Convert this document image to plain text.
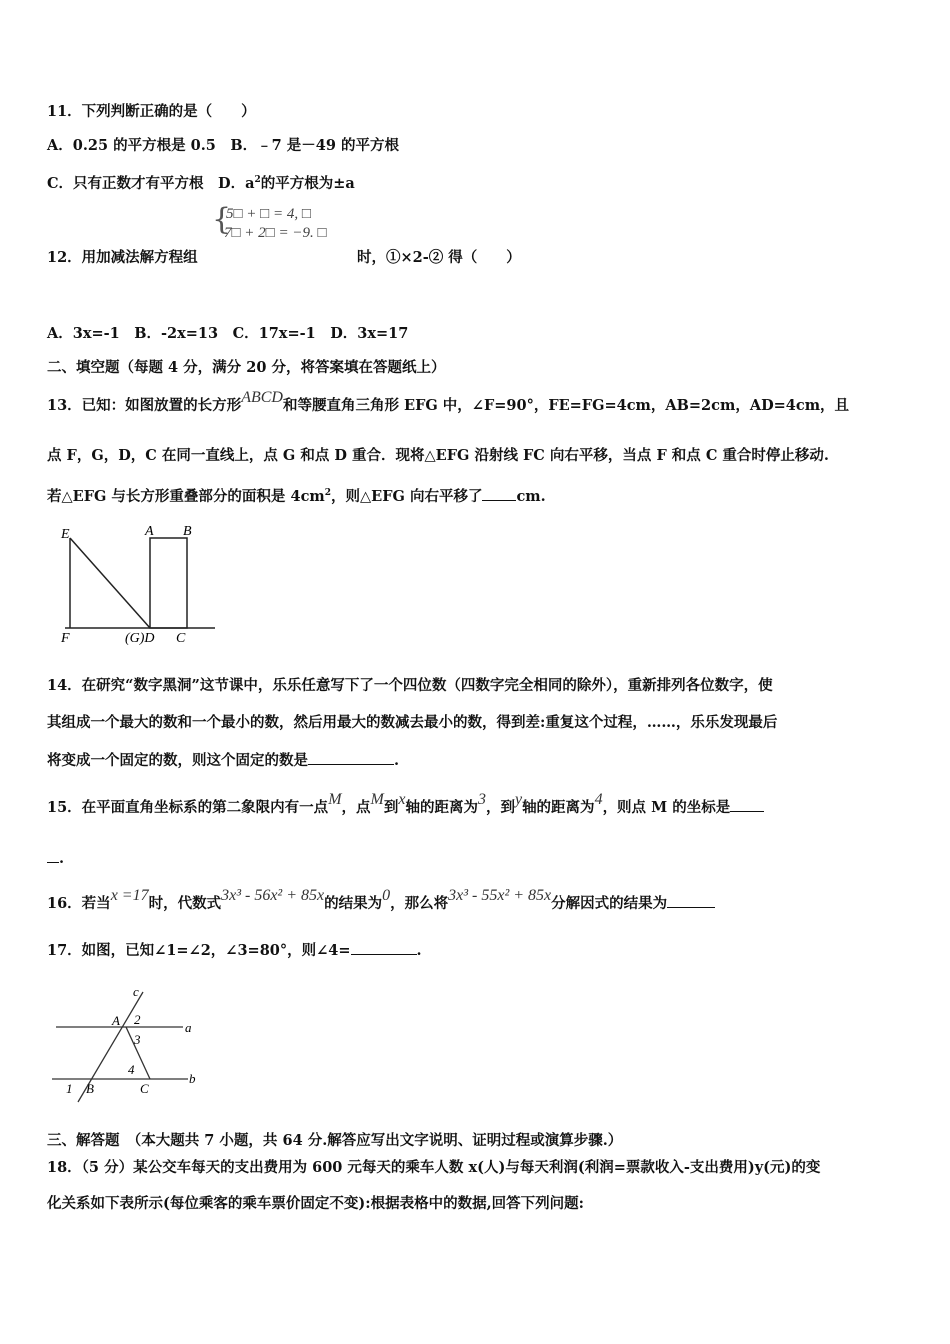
11．下列判断正确的是（　　）
A．0.25 的平方根是 0.5　B．﹣7 是－49 的平方根
C．只有正数才有平方根　D．$a^2$的平方根为±a
{
5□ + □ = 4, □
7□ + 2□ = −9. □
12．用加减法解方程组	时，①×2-② 得（　　）
A．3x=-1　B．-2x=13　C．17x=-1　D．3x=17
二、填空题（每题 4 分，满分 20 分，将答案填在答题纸上）
13．已知：如图放置的长方形ABCD和等腰直角三角形 EFG 中，∠F=90°，FE=FG=4cm，AB=2cm，AD=4cm，且
点 F，G，D，C 在同一直线上，点 G 和点 D 重合．现将△EFG 沿射线 FC 向右平移，当点 F 和点 C 重合时停止移动.
若△EFG 与长方形重叠部分的面积是 $4cm^2$，则△EFG 向右平移了 cm.
E	A B
F	(G)D C
14．在研究“数字黑洞”这节课中，乐乐任意写下了一个四位数（四数字完全相同的除外），重新排列各位数字，使
其组成一个最大的数和一个最小的数，然后用最大的数减去最小的数，得到差:重复这个过程，……，乐乐发现最后
将变成一个固定的数，则这个固定的数是	.
15．在平面直角坐标系的第二象限内有一点M，点M到x轴的距离为3，到y轴的距离为4，则点 M 的坐标是
.
16．若当x =17时，代数式3x³ - 56x² + 85x的结果为0，那么将3x³ - 55x² + 85x分解因式的结果为
17．如图，已知∠1=∠2，∠3=80°，则∠4=	.
c
A 2
a
3
4
1 B	C
b
三、解答题　（本大题共 7 小题，共 64 分.解答应写出文字说明、证明过程或演算步骤.）
18．（5 分）某公交车每天的支出费用为 600 元每天的乘车人数 x(人)与每天利润(利润=票款收入-支出费用)y(元)的变
化关系如下表所示(每位乘客的乘车票价固定不变):根据表格中的数据,回答下列问题:
